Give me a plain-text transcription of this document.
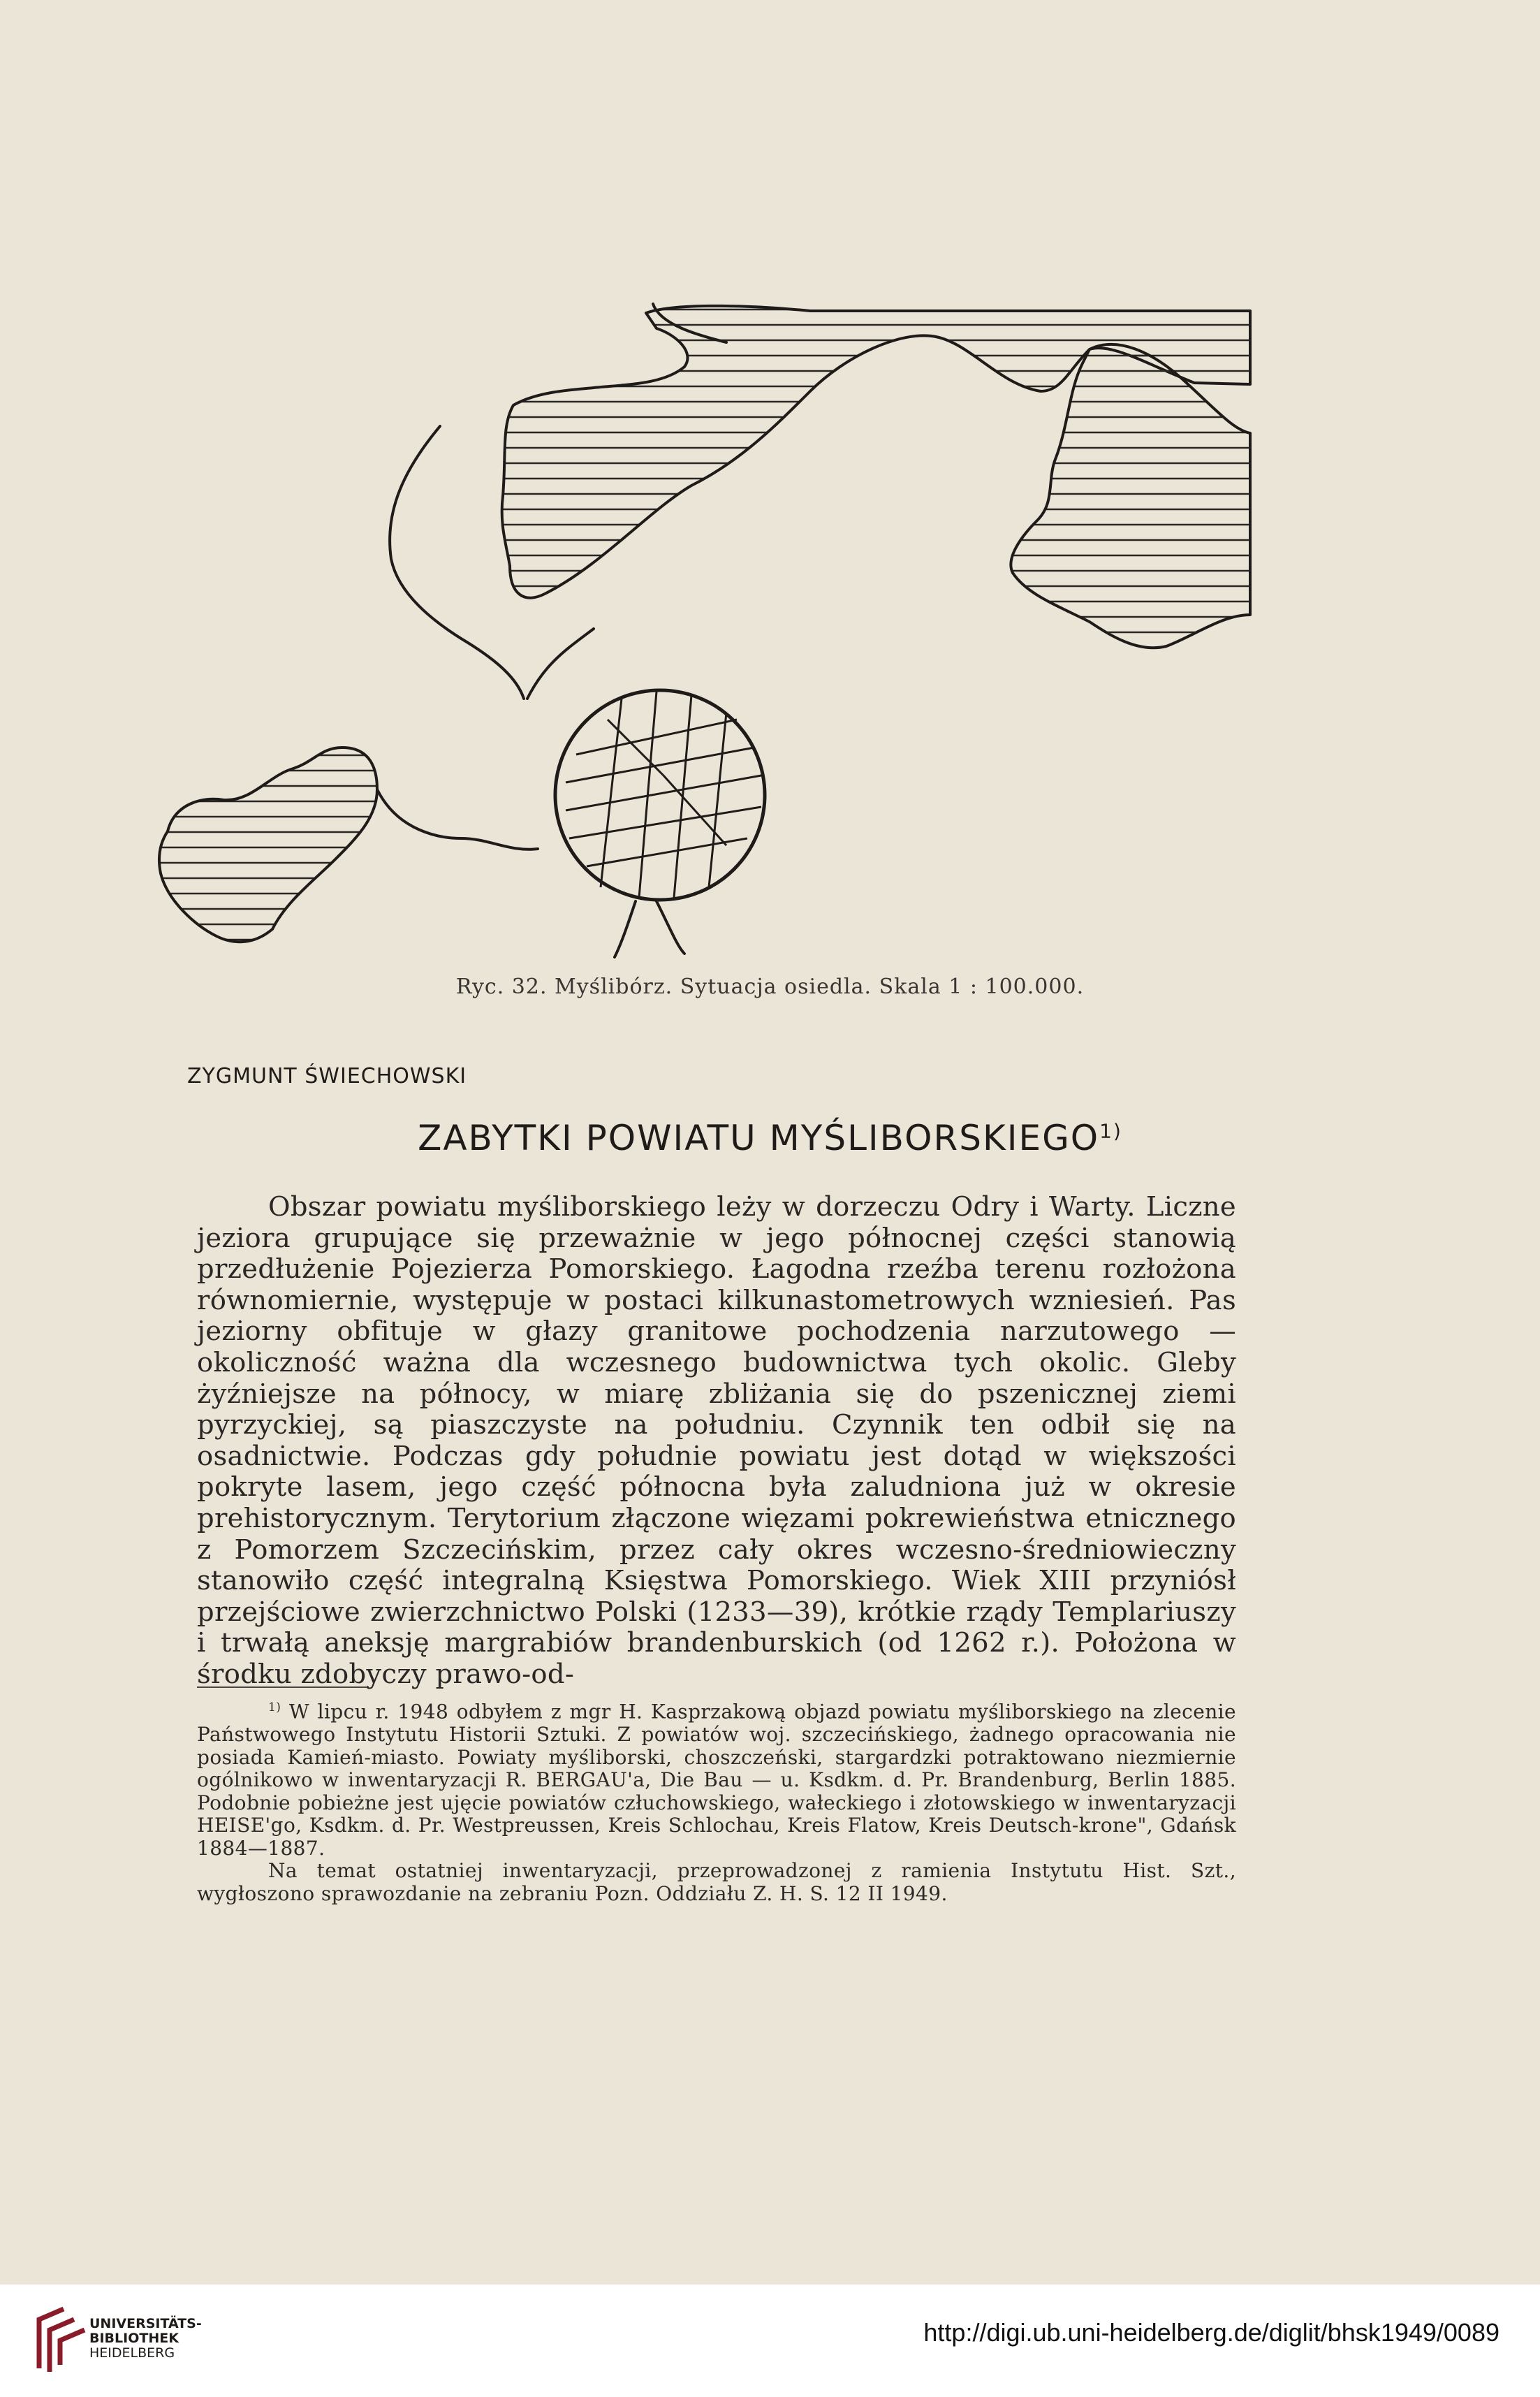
Ryc. 32. Myślibórz. Sytuacja osiedla. Skala 1 : 100.000.
ZYGMUNT ŚWIECHOWSKI
ZABYTKI POWIATU MYŚLIBORSKIEGO$^{1)}$

Obszar powiatu myśliborskiego leży w dorzeczu Odry i Warty. Liczne jeziora grupujące się przeważnie w jego północnej części stanowią przedłużenie Pojezierza Pomorskiego. Łagodna rzeźba terenu rozłożona równomiernie, występuje w postaci kilkunastometrowych wzniesień. Pas jeziorny obfituje w głazy granitowe pochodzenia narzutowego — okoliczność ważna dla wczesnego budownictwa tych okolic. Gleby żyźniejsze na północy, w miarę zbliżania się do pszenicznej ziemi pyrzyckiej, są piaszczyste na południu. Czynnik ten odbił się na osadnictwie. Podczas gdy południe powiatu jest dotąd w większości pokryte lasem, jego część północna była zaludniona już w okresie prehistorycznym. Terytorium złączone więzami pokrewieństwa etnicznego z Pomorzem Szczecińskim, przez cały okres wczesno-średniowieczny stanowiło część integralną Księstwa Pomorskiego. Wiek XIII przyniósł przejściowe zwierzchnictwo Polski (1233—39), krótkie rządy Templariuszy i trwałą aneksję margrabiów brandenburskich (od 1262 r.). Położona w środku zdobyczy prawo-od-

$^{1)}$ W lipcu r. 1948 odbyłem z mgr H. Kasprzakową objazd powiatu myśliborskiego na zlecenie Państwowego Instytutu Historii Sztuki. Z powiatów woj. szczecińskiego, żadnego opracowania nie posiada Kamień-miasto. Powiaty myśliborski, choszczeński, stargardzki potraktowano niezmiernie ogólnikowo w inwentaryzacji R. BERGAU'a, Die Bau — u. Ksdkm. d. Pr. Brandenburg, Berlin 1885. Podobnie pobieżne jest ujęcie powiatów człuchowskiego, wałeckiego i złotowskiego w inwentaryzacji HEISE'go, Ksdkm. d. Pr. Westpreussen, Kreis Schlochau, Kreis Flatow, Kreis Deutsch-krone", Gdańsk 1884—1887.

Na temat ostatniej inwentaryzacji, przeprowadzonej z ramienia Instytutu Hist. Szt., wygłoszono sprawozdanie na zebraniu Pozn. Oddziału Z. H. S. 12 II 1949.

UNIVERSITÄTS-
BIBLIOTHEK
HEIDELBERG
http://digi.ub.uni-heidelberg.de/diglit/bhsk1949/0089
